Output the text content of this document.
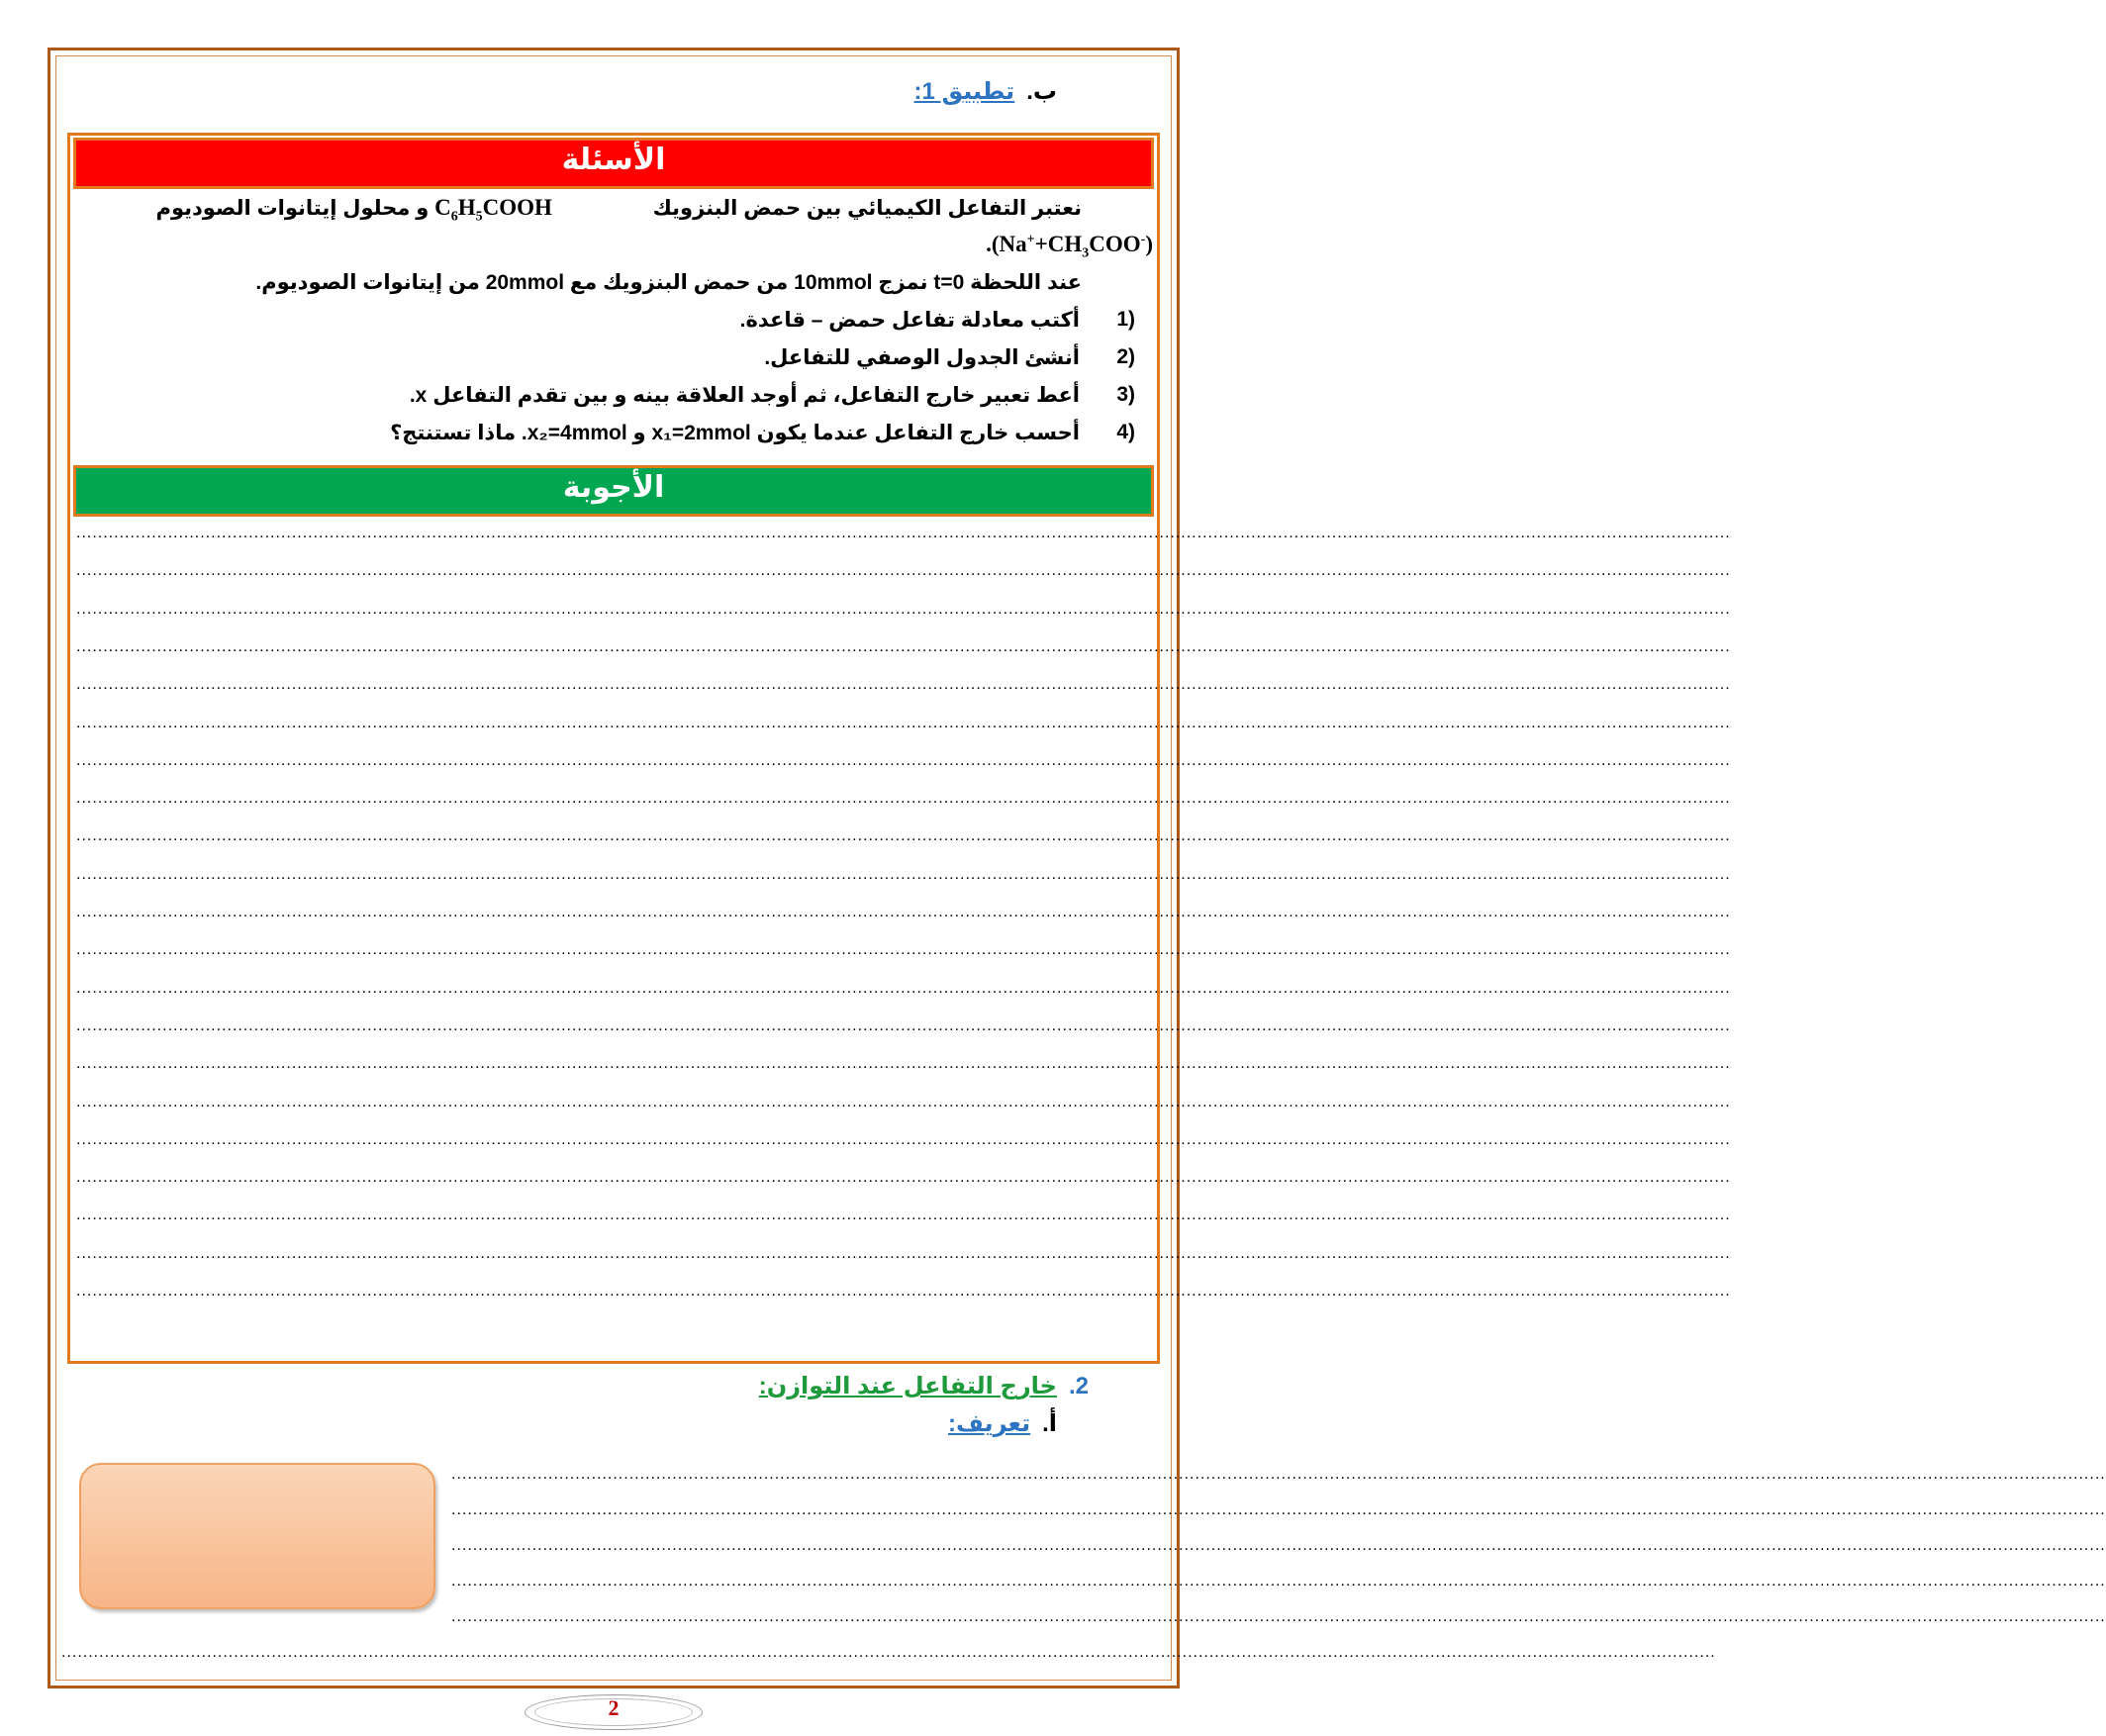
ب.تطبيق 1:
الأسئلة
نعتبر التفاعل الكيميائي بين حمض البنزويك  $C_6H_5COOH$ و محلول إيتانوات الصوديوم
$.(Na^++CH_3COO^-)$
عند اللحظة t=0 نمزج 10mmol من حمض البنزويك مع 20mmol من إيتانوات الصوديوم.
(1
أكتب معادلة تفاعل حمض – قاعدة.
(2
أنشئ الجدول الوصفي للتفاعل.
(3
أعط تعبير خارج التفاعل، ثم أوجد العلاقة بينه و بين تقدم التفاعل x.
(4
أحسب خارج التفاعل عندما يكون x₁=2mmol و x₂=4mmol. ماذا تستنتج؟
الأجوبة
...................................................................................................................................................................................................................................................................................................................
...................................................................................................................................................................................................................................................................................................................
...................................................................................................................................................................................................................................................................................................................
...................................................................................................................................................................................................................................................................................................................
...................................................................................................................................................................................................................................................................................................................
...................................................................................................................................................................................................................................................................................................................
...................................................................................................................................................................................................................................................................................................................
...................................................................................................................................................................................................................................................................................................................
...................................................................................................................................................................................................................................................................................................................
...................................................................................................................................................................................................................................................................................................................
...................................................................................................................................................................................................................................................................................................................
...................................................................................................................................................................................................................................................................................................................
...................................................................................................................................................................................................................................................................................................................
...................................................................................................................................................................................................................................................................................................................
...................................................................................................................................................................................................................................................................................................................
...................................................................................................................................................................................................................................................................................................................
...................................................................................................................................................................................................................................................................................................................
...................................................................................................................................................................................................................................................................................................................
...................................................................................................................................................................................................................................................................................................................
...................................................................................................................................................................................................................................................................................................................
...................................................................................................................................................................................................................................................................................................................
2.خارج التفاعل عند التوازن:
أ.تعريف:
...................................................................................................................................................................................................................................................................................................................
...................................................................................................................................................................................................................................................................................................................
...................................................................................................................................................................................................................................................................................................................
...................................................................................................................................................................................................................................................................................................................
...................................................................................................................................................................................................................................................................................................................
...................................................................................................................................................................................................................................................................................................................
2
